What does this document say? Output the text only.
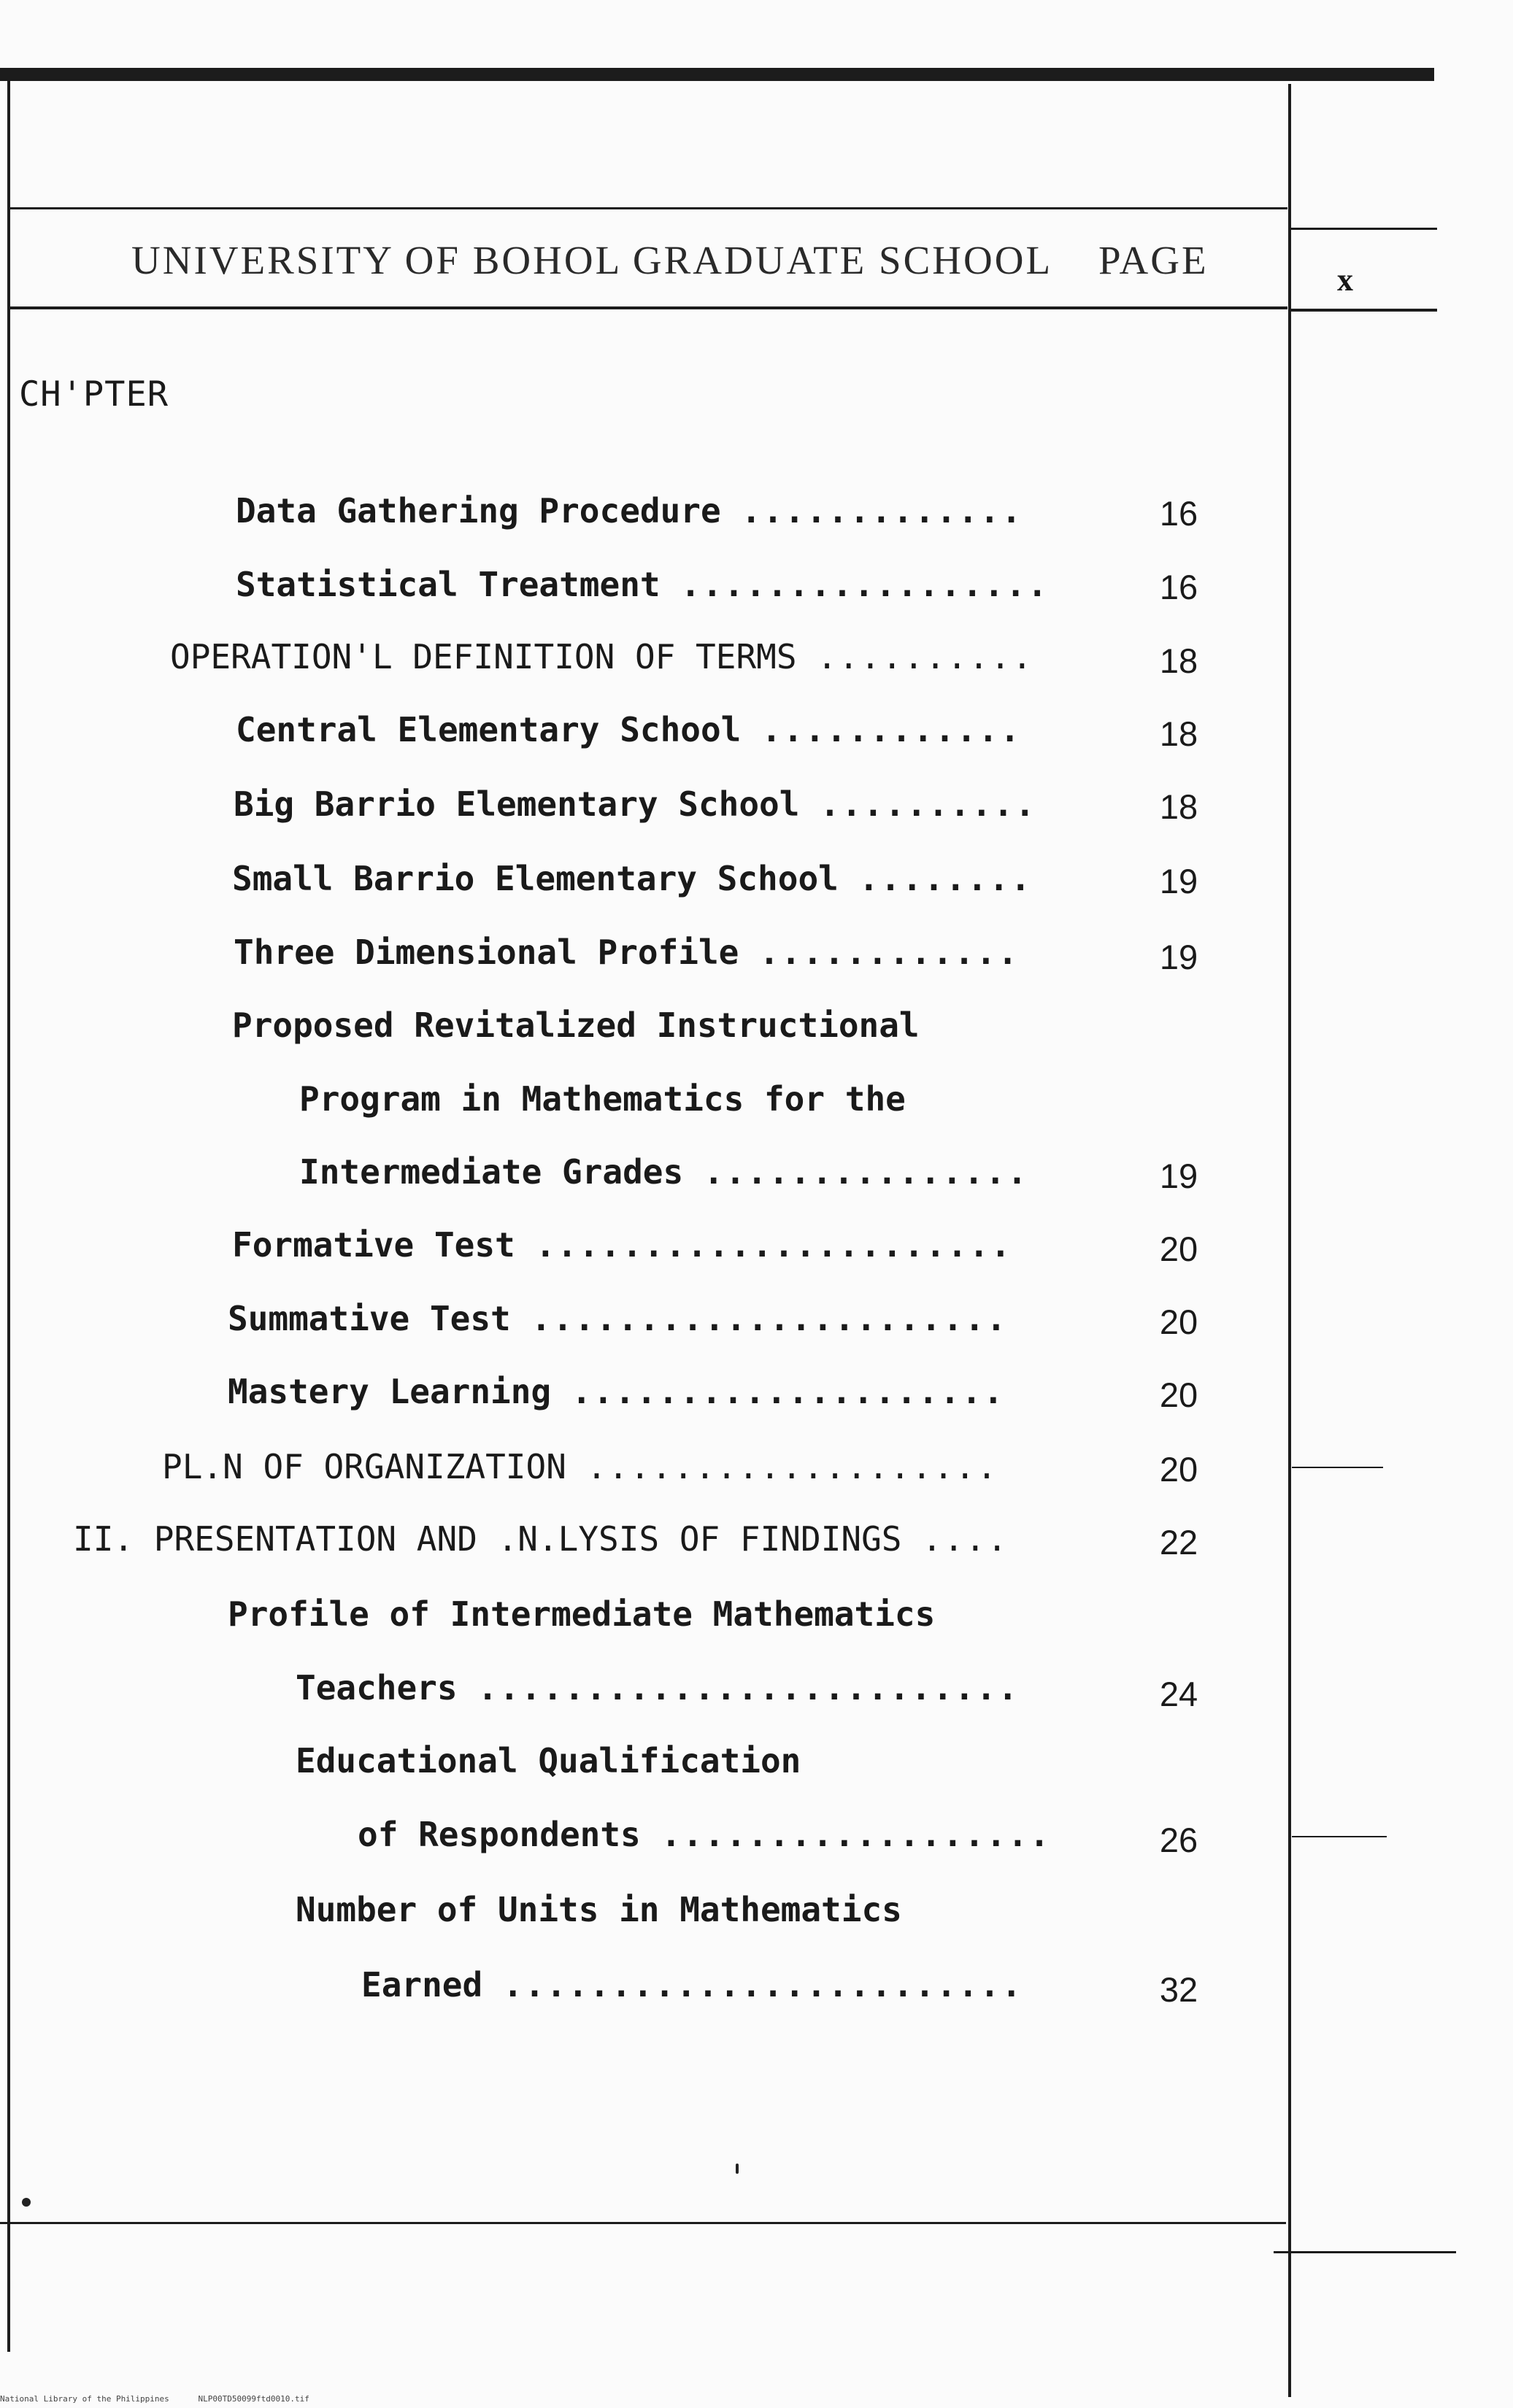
UNIVERSITY OF BOHOL GRADUATE SCHOOL PAGE	x
CH'PTER
Data Gathering Procedure .............	16
Statistical Treatment .................	16
OPERATION'L DEFINITION OF TERMS ..........	18
Central Elementary School ............	18
Big Barrio Elementary School ..........	18
Small Barrio Elementary School ........	19
Three Dimensional Profile ............	19
Proposed Revitalized Instructional
Program in Mathematics for the
Intermediate Grades ...............	19
Formative Test ......................	20
Summative Test ......................	20
Mastery Learning ....................	20
PL.N OF ORGANIZATION ...................	20
II. PRESENTATION AND .N.LYSIS OF FINDINGS ....	22
Profile of Intermediate Mathematics
Teachers .........................	24
Educational Qualification
of Respondents ..................	26
Number of Units in Mathematics
Earned ........................	32
National Library of the Philippines	NLP00TD50099ftd0010.tif
